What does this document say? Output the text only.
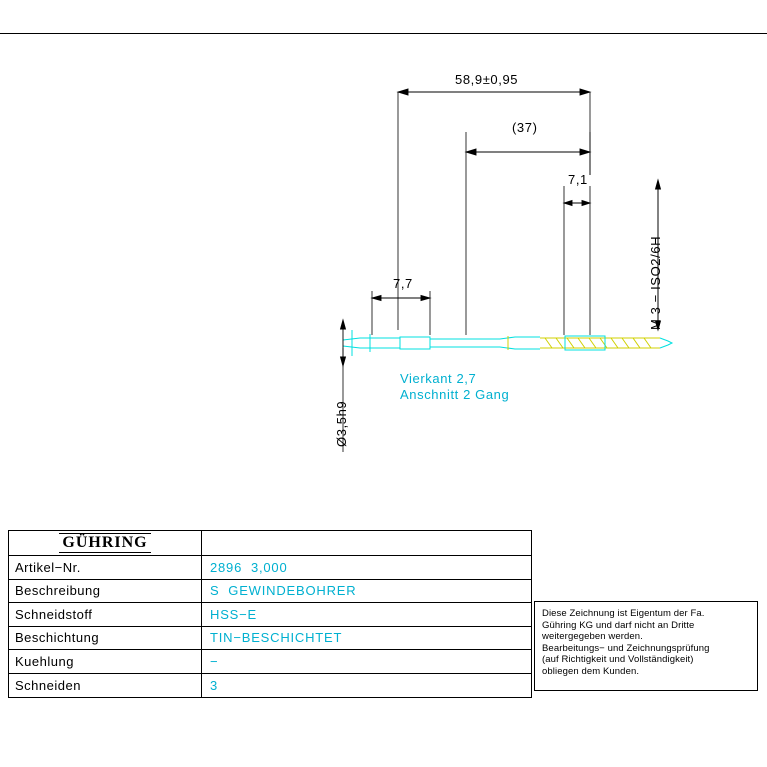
58,9±0,95
(37)
7,1
7,7	M 3 − ISO2/6H
Ø3,5h9
Vierkant 2,7
Anschnitt 2 Gang
GÜHRING
Artikel−Nr.	2896  3,000
Beschreibung	S  GEWINDEBOHRER
Schneidstoff	HSS−E
Beschichtung	TIN−BESCHICHTET
Kuehlung	−
Schneiden	3

Diese Zeichnung ist Eigentum der Fa.

Gühring KG und darf nicht an Dritte

weitergegeben werden.

Bearbeitungs− und Zeichnungsprüfung

(auf Richtigkeit und Vollständigkeit)

obliegen dem Kunden.
